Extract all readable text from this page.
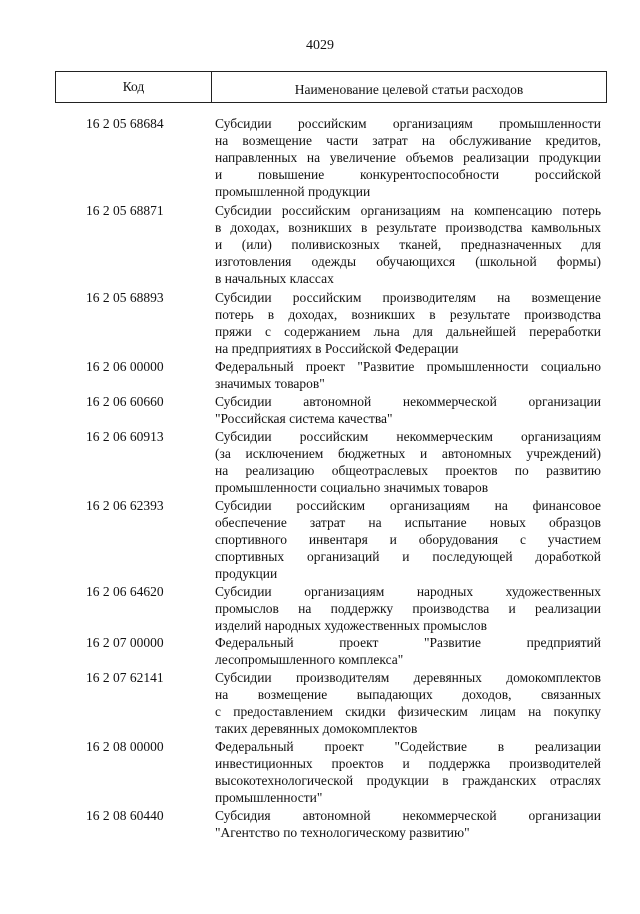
4029
Код	Наименование целевой статьи расходов
16 2 05 68684	Субсидии российским организациям промышленности
на возмещение части затрат на обслуживание кредитов,
направленных на увеличение объемов реализации продукции
и повышение конкурентоспособности российской
промышленной продукции
16 2 05 68871	Субсидии российским организациям на компенсацию потерь
в доходах, возникших в результате производства камвольных
и (или) поливискозных тканей, предназначенных для
изготовления одежды обучающихся (школьной формы)
в начальных классах
16 2 05 68893	Субсидии российским производителям на возмещение
потерь в доходах, возникших в результате производства
пряжи с содержанием льна для дальнейшей переработки
на предприятиях в Российской Федерации
16 2 06 00000	Федеральный проект "Развитие промышленности социально
значимых товаров"
16 2 06 60660	Субсидии автономной некоммерческой организации
"Российская система качества"
16 2 06 60913	Субсидии российским некоммерческим организациям
(за исключением бюджетных и автономных учреждений)
на реализацию общеотраслевых проектов по развитию
промышленности социально значимых товаров
16 2 06 62393	Субсидии российским организациям на финансовое
обеспечение затрат на испытание новых образцов
спортивного инвентаря и оборудования с участием
спортивных организаций и последующей доработкой
продукции
16 2 06 64620	Субсидии организациям народных художественных
промыслов на поддержку производства и реализации
изделий народных художественных промыслов
16 2 07 00000	Федеральный проект "Развитие предприятий
лесопромышленного комплекса"
16 2 07 62141	Субсидии производителям деревянных домокомплектов
на возмещение выпадающих доходов, связанных
с предоставлением скидки физическим лицам на покупку
таких деревянных домокомплектов
16 2 08 00000	Федеральный проект "Содействие в реализации
инвестиционных проектов и поддержка производителей
высокотехнологической продукции в гражданских отраслях
промышленности"
16 2 08 60440	Субсидия автономной некоммерческой организации
"Агентство по технологическому развитию"
